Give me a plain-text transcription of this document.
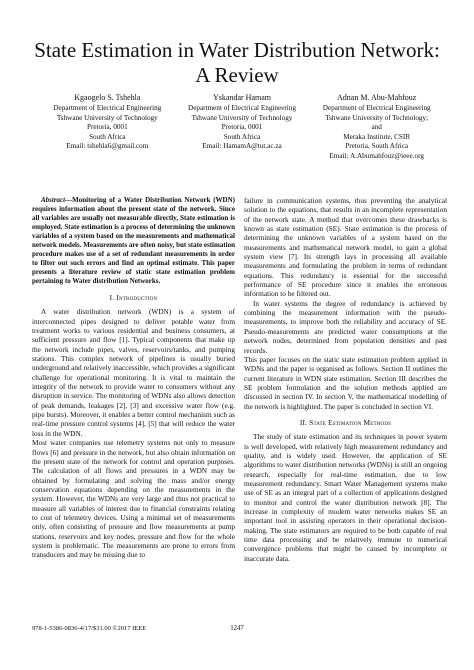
State Estimation in Water Distribution Network:
A Review
Kgaogelo S. Tshehla
Department of Electrical Engineering
Tshwane University of Technology
Pretoria, 0001
South Africa
Email: tshehla6@gmail.com
Yskandar Hamam
Department of Electrical Engineering
Tshwane University of Technology
Pretoria, 0001
South Africa
Email: HamamA@tut.ac.za
Adnan M. Abu-Mahfouz
Department of Electrical Engineering
Tshwane University of Technology;
and
Meraka Institute, CSIR
Pretoria, South Africa
Email: A.Abumahfouz@ieee.org

Abstract—Monitoring of a Water Distribution Network (WDN) requires information about the present state of the network. Since all variables are usually not measurable directly, State estimation is employed. State estimation is a process of determining the unknown variables of a system based on the measurements and mathematical network models. Measurements are often noisy, but state estimation procedure makes use of a set of redundant measurements in order to filter out such errors and find an optimal estimate. This paper presents a literature review of static state estimation problem pertaining to Water distribution Networks.

I. Introduction

A water distribution network (WDN) is a system of interconnected pipes designed to deliver potable water from treatment works to various residential and business consumers, at sufficient pressure and flow [1]. Typical components that make up the network include pipes, valves, reservoirs/tanks, and pumping stations. This complex network of pipelines is usually buried underground and relatively inaccessible, which provides a significant challenge for operational monitoring. It is vital to maintain the integrity of the network to provide water to consumers without any disruption in service. The monitoring of WDNs also allows detection of peak demands, leakages [2], [3] and excessive water flow (e.g. pipe bursts). Moreover, it enables a better control mechanism such as real-time pressure control systems [4], [5] that will reduce the water loss in the WDN.

Most water companies use telemetry systems not only to measure flows [6] and pressure in the network, but also obtain information on the present state of the network for control and operation purposes. The calculation of all flows and pressures in a WDN may be obtained by formulating and solving the mass and/or energy conservation equations depending on the measurements in the system. However, the WDNs are very large and thus not practical to measure all variables of interest due to financial constraints relating to cost of telemetry devices. Using a minimal set of measurements only, often consisting of pressure and flow measurements at pump stations, reservoirs and key nodes, pressure and flow for the whole system is problematic. The measurements are prone to errors from transducers and may be missing due to

failure in communication systems, thus preventing the analytical solution to the equations, that results in an incomplete representation of the network state. A method that overcomes these drawbacks is known as state estimation (SE). State estimation is the process of determining the unknown variables of a system based on the measurements and mathematical network model, to gain a global system view [7]. Its strength lays in processing all available measurements and formulating the problem in terms of redundant equations. This redundancy is essential for the successful performance of SE procedure since it enables the erroneous information to be filtered out.

In water systems the degree of redundancy is achieved by combining the measurement information with the pseudo-measurements, to improve both the reliability and accuracy of SE. Pseudo-measurements are predicted water consumptions at the network nodes, determined from population densities and past records.

This paper focuses on the static state estimation problem applied in WDNs and the paper is organised as follows. Section II outlines the current literature in WDN state estimation. Section III describes the SE problem formulation and the solution methods applied are discussed in section IV. In section V, the mathematical modelling of the network is highlighted. The paper is concluded in section VI.

II. State Estimation Methods

The study of state estimation and its techniques in power system is well developed, with relatively high measurement redundancy and quality, and is widely used. However, the application of SE algorithms to water distribution networks (WDNs) is still an ongoing research, especially for real-time estimation, due to low measurement redundancy. Smart Water Management systems make use of SE as an integral part of a collection of applications designed to monitor and control the water distribution network [8]. The increase in complexity of modern water networks makes SE an important tool in assisting operators in their operational decision-making. The state estimators are required to be both capable of real time data processing and be relatively immune to numerical convergence problems that might be caused by incomplete or inaccurate data.

978-1-5386-0836-4/17/$31.00 ©2017 IEEE	1247
